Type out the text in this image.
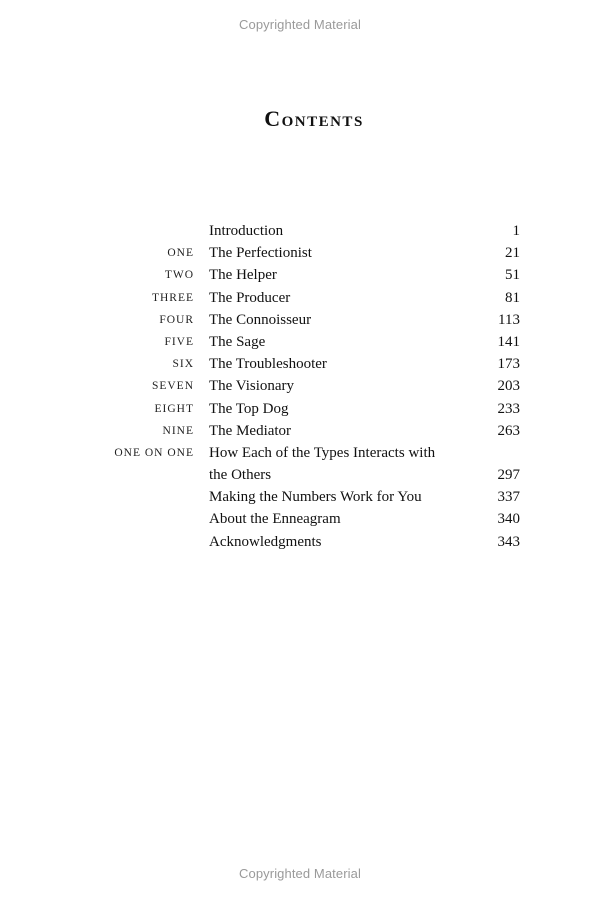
Copyrighted Material
Contents
Introduction	1
ONE The Perfectionist	21
TWO The Helper	51
THREE The Producer	81
FOUR The Connoisseur	113
FIVE The Sage	141
SIX The Troubleshooter	173
SEVEN The Visionary	203
EIGHT The Top Dog	233
NINE The Mediator	263
ONE ON ONE How Each of the Types Interacts with
the Others	297
Making the Numbers Work for You	337
About the Enneagram	340
Acknowledgments	343
Copyrighted Material
